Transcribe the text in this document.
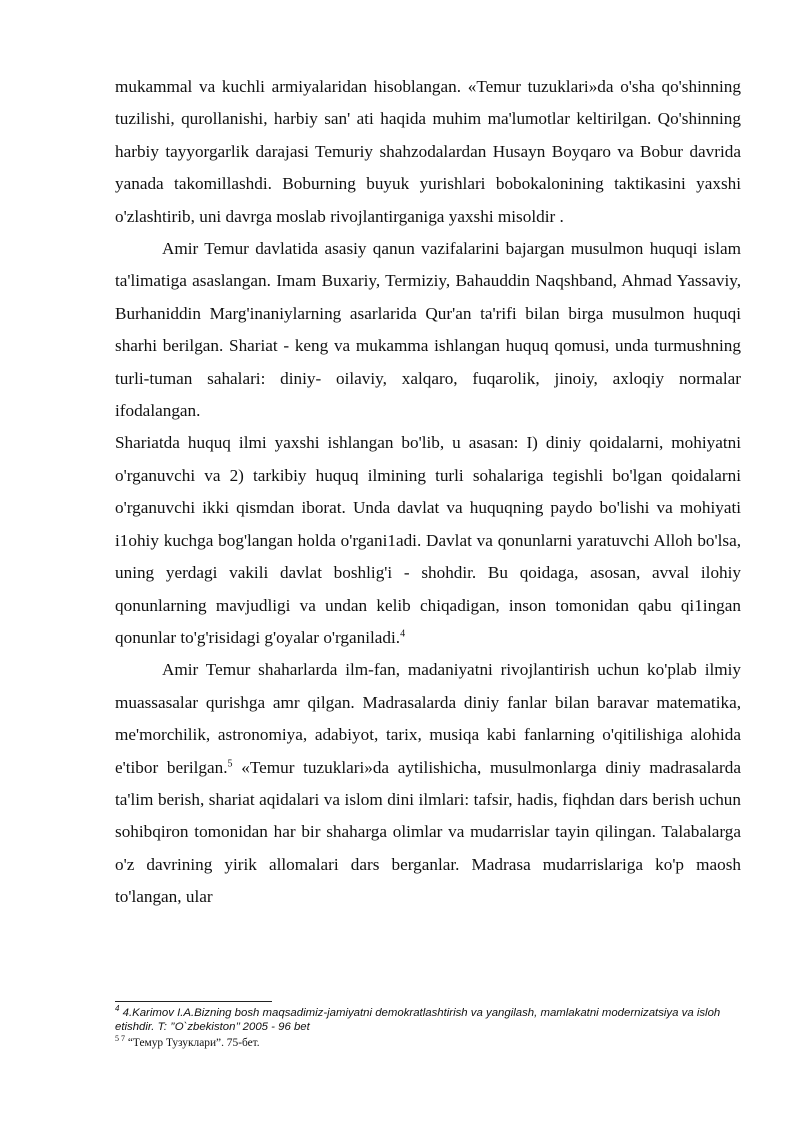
mukammal va kuchli armiyalaridan hisoblangan. «Temur tuzuklari»da o'sha qo'shinning tuzilishi, qurollanishi, harbiy san' ati haqida muhim ma'lumotlar keltirilgan. Qo'shinning harbiy tayyorgarlik darajasi Temuriy shahzodalardan Husayn Boyqaro va Bobur davrida yanada takomillashdi. Boburning buyuk yurishlari bobokalonining taktikasini yaxshi o'zlashtirib, uni davrga moslab rivojlantirganiga yaxshi misoldir .

Amir Temur davlatida asasiy qanun vazifalarini bajargan musulmon huquqi islam ta'limatiga asaslangan. Imam Buxariy, Termiziy, Bahauddin Naqshband, Ahmad Yassaviy, Burhaniddin Marg'inaniylarning asarlarida Qur'an ta'rifi bilan birga musulmon huquqi sharhi berilgan. Shariat - keng va mukamma ishlangan huquq qomusi, unda turmushning turli-tuman sahalari: diniy- oilaviy, xalqaro, fuqarolik, jinoiy, axloqiy normalar ifodalangan.

Shariatda huquq ilmi yaxshi ishlangan bo'lib, u asasan: I) diniy qoidalarni, mohiyatni o'rganuvchi va 2) tarkibiy huquq ilmining turli sohalariga tegishli bo'lgan qoidalarni o'rganuvchi ikki qismdan iborat. Unda davlat va huquqning paydo bo'lishi va mohiyati i1ohiy kuchga bog'langan holda o'rgani1adi. Davlat va qonunlarni yaratuvchi Alloh bo'lsa, uning yerdagi vakili davlat boshlig'i - shohdir. Bu qoidaga, asosan, avval ilohiy qonunlarning mavjudligi va undan kelib chiqadigan, inson tomonidan qabu qi1ingan qonunlar to'g'risidagi g'oyalar o'rganiladi.$^4$

Amir Temur shaharlarda ilm-fan, madaniyatni rivojlantirish uchun ko'plab ilmiy muassasalar qurishga amr qilgan. Madrasalarda diniy fanlar bilan baravar matematika, me'morchilik, astronomiya, adabiyot, tarix, musiqa kabi fanlarning o'qitilishiga alohida e'tibor berilgan.$^5$ «Temur tuzuklari»da aytilishicha, musulmonlarga diniy madrasalarda ta'lim berish, shariat aqidalari va islom dini ilmlari: tafsir, hadis, fiqhdan dars berish uchun sohibqiron tomonidan har bir shaharga olimlar va mudarrislar tayin qilingan. Talabalarga o'z davrining yirik allomalari dars berganlar. Madrasa mudarrislariga ko'p maosh to'langan, ular

$^4$ 4.Karimov I.A.Bizning bosh maqsadimiz-jamiyatni demokratlashtirish va yangilash, mamlakatni modernizatsiya va isloh etishdir. T: ’’O`zbekiston’’ 2005 - 96 bet
$^{5 7}$ “Темур Тузуклари”. 75-бет.
